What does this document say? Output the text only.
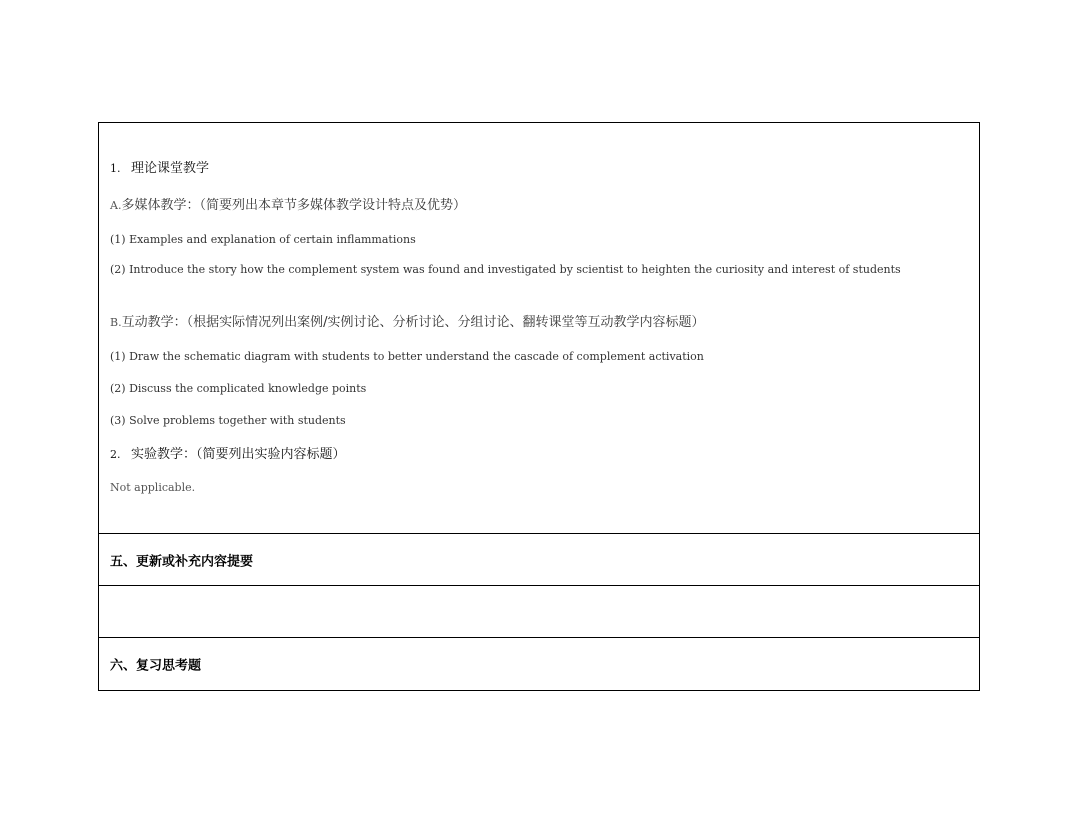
1. 理论课堂教学
A.多媒体教学：（简要列出本章节多媒体教学设计特点及优势）
(1) Examples and explanation of certain inflammations
(2) Introduce the story how the complement system was found and investigated by scientist to heighten the curiosity and interest of students
B.互动教学：（根据实际情况列出案例/实例讨论、分析讨论、分组讨论、翻转课堂等互动教学内容标题）
(1) Draw the schematic diagram with students to better understand the cascade of complement activation
(2) Discuss the complicated knowledge points
(3) Solve problems together with students
2. 实验教学：（简要列出实验内容标题）
Not applicable.
五、更新或补充内容提要
六、复习思考题
